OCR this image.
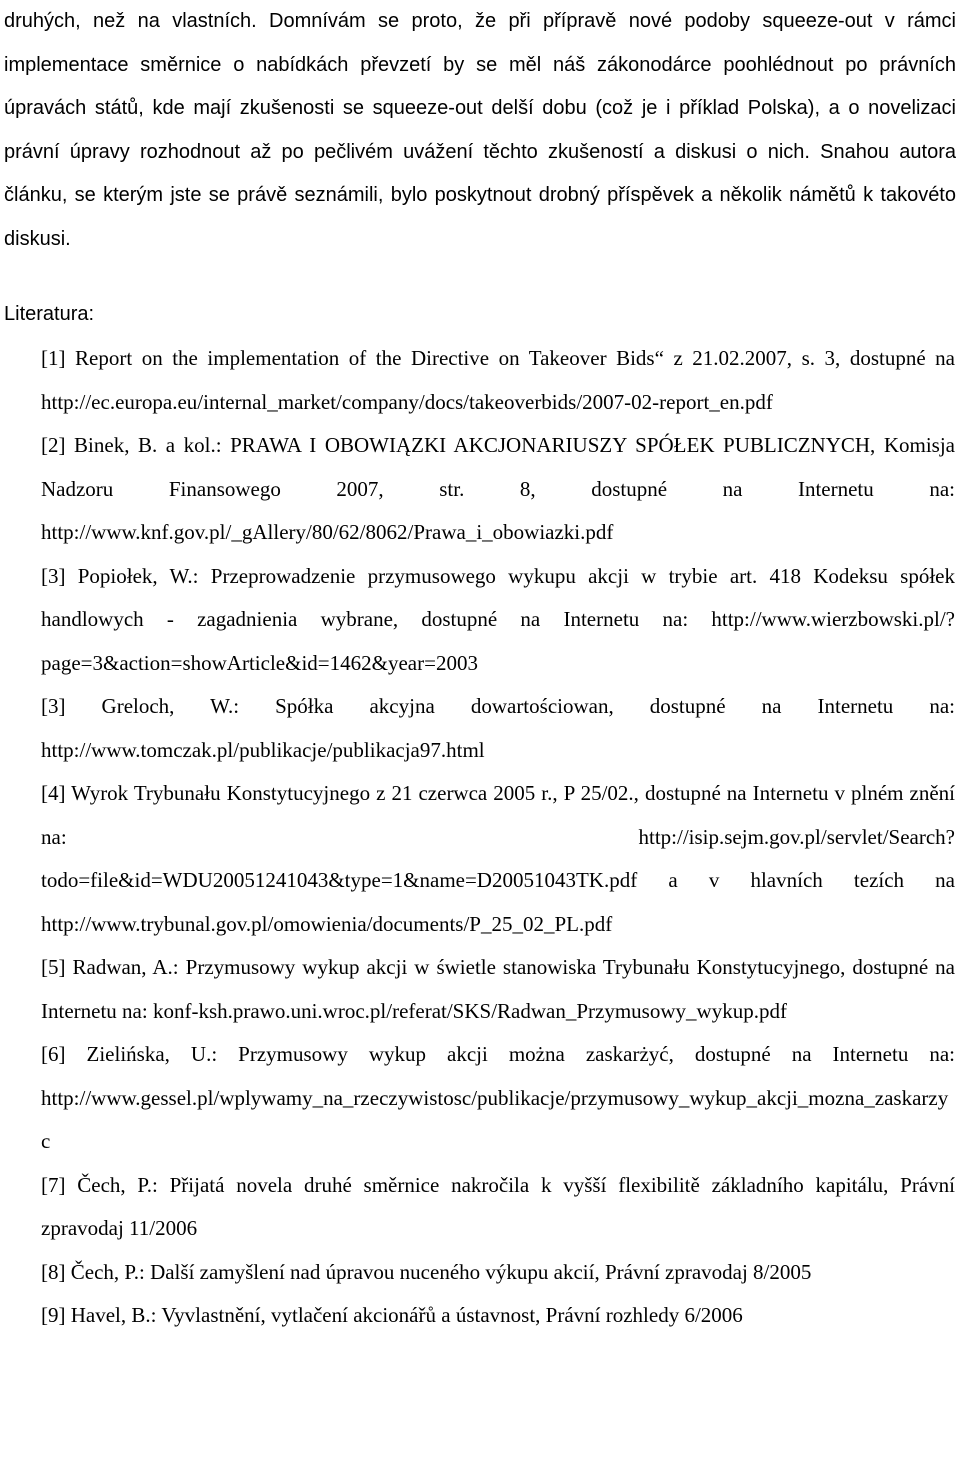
druhých, než na vlastních. Domnívám se proto, že při přípravě nové podoby squeeze-out v rámci implementace směrnice o nabídkách převzetí by se měl náš zákonodárce poohlédnout po právních úpravách států, kde mají zkušenosti se squeeze-out delší dobu (což je i příklad Polska), a o novelizaci právní úpravy rozhodnout až po pečlivém uvážení těchto zkušeností a diskusi o nich. Snahou autora článku, se kterým jste se právě seznámili, bylo poskytnout drobný příspěvek a několik námětů k takovéto diskusi.

Literatura:
[1] Report on the implementation of the Directive on Takeover Bids“ z 21.02.2007, s. 3, dostupné na http://ec.europa.eu/internal_market/company/docs/takeoverbids/2007-02-report_en.pdf
[2] Binek, B. a kol.: PRAWA I OBOWIĄZKI AKCJONARIUSZY SPÓŁEK PUBLICZNYCH, Komisja Nadzoru Finansowego 2007, str. 8, dostupné na Internetu na: http://www.knf.gov.pl/_gAllery/80/62/8062/Prawa_i_obowiazki.pdf
[3] Popiołek, W.: Przeprowadzenie przymusowego wykupu akcji w trybie art. 418 Kodeksu spółek handlowych - zagadnienia wybrane, dostupné na Internetu na: http://www.wierzbowski.pl/?page=3&action=showArticle&id=1462&year=2003
[3] Greloch, W.: Spółka akcyjna dowartościowan, dostupné na Internetu na: http://www.tomczak.pl/publikacje/publikacja97.html
[4] Wyrok Trybunału Konstytucyjnego z 21 czerwca 2005 r., P 25/02., dostupné na Internetu v plném znění na: http://isip.sejm.gov.pl/servlet/Search?todo=file&id=WDU20051241043&type=1&name=D20051043TK.pdf a v hlavních tezích na http://www.trybunal.gov.pl/omowienia/documents/P_25_02_PL.pdf
[5] Radwan, A.: Przymusowy wykup akcji w świetle stanowiska Trybunału Konstytucyjnego, dostupné na Internetu na: konf-ksh.prawo.uni.wroc.pl/referat/SKS/Radwan_Przymusowy_wykup.pdf
[6] Zielińska, U.: Przymusowy wykup akcji można zaskarżyć, dostupné na Internetu na: http://www.gessel.pl/wplywamy_na_rzeczywistosc/publikacje/przymusowy_wykup_akcji_mozna_zaskarzyc
[7] Čech, P.: Přijatá novela druhé směrnice nakročila k vyšší flexibilitě základního kapitálu, Právní zpravodaj 11/2006
[8] Čech, P.: Další zamyšlení nad úpravou nuceného výkupu akcií, Právní zpravodaj 8/2005
[9] Havel, B.: Vyvlastnění, vytlačení akcionářů a ústavnost, Právní rozhledy 6/2006
